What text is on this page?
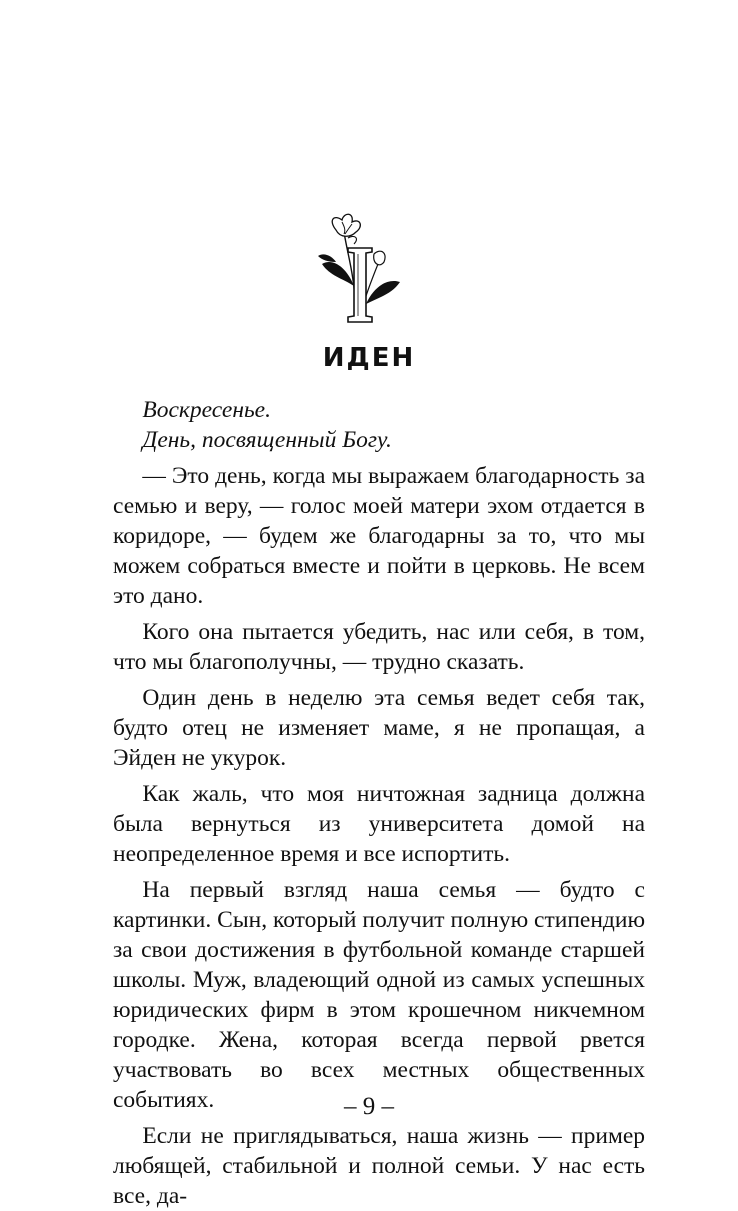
ИДЕН

Воскресенье.

День, посвященный Богу.

— Это день, когда мы выражаем благодарность за семью и веру, — голос моей матери эхом отдается в коридоре, — будем же благодарны за то, что мы можем собраться вместе и пойти в церковь. Не всем это дано.

Кого она пытается убедить, нас или себя, в том, что мы благополучны, — трудно сказать.

Один день в неделю эта семья ведет себя так, будто отец не изменяет маме, я не пропащая, а Эйден не укурок.

Как жаль, что моя ничтожная задница должна была вернуться из университета домой на неопределенное время и все испортить.

На первый взгляд наша семья — будто с картинки. Сын, который получит полную стипендию за свои достижения в футбольной команде старшей школы. Муж, владеющий одной из самых успешных юридических фирм в этом крошечном никчемном городке. Жена, которая всегда первой рвется участвовать во всех местных общественных событиях.

Если не приглядываться, наша жизнь — пример любящей, стабильной и полной семьи. У нас есть все, да-

– 9 –
